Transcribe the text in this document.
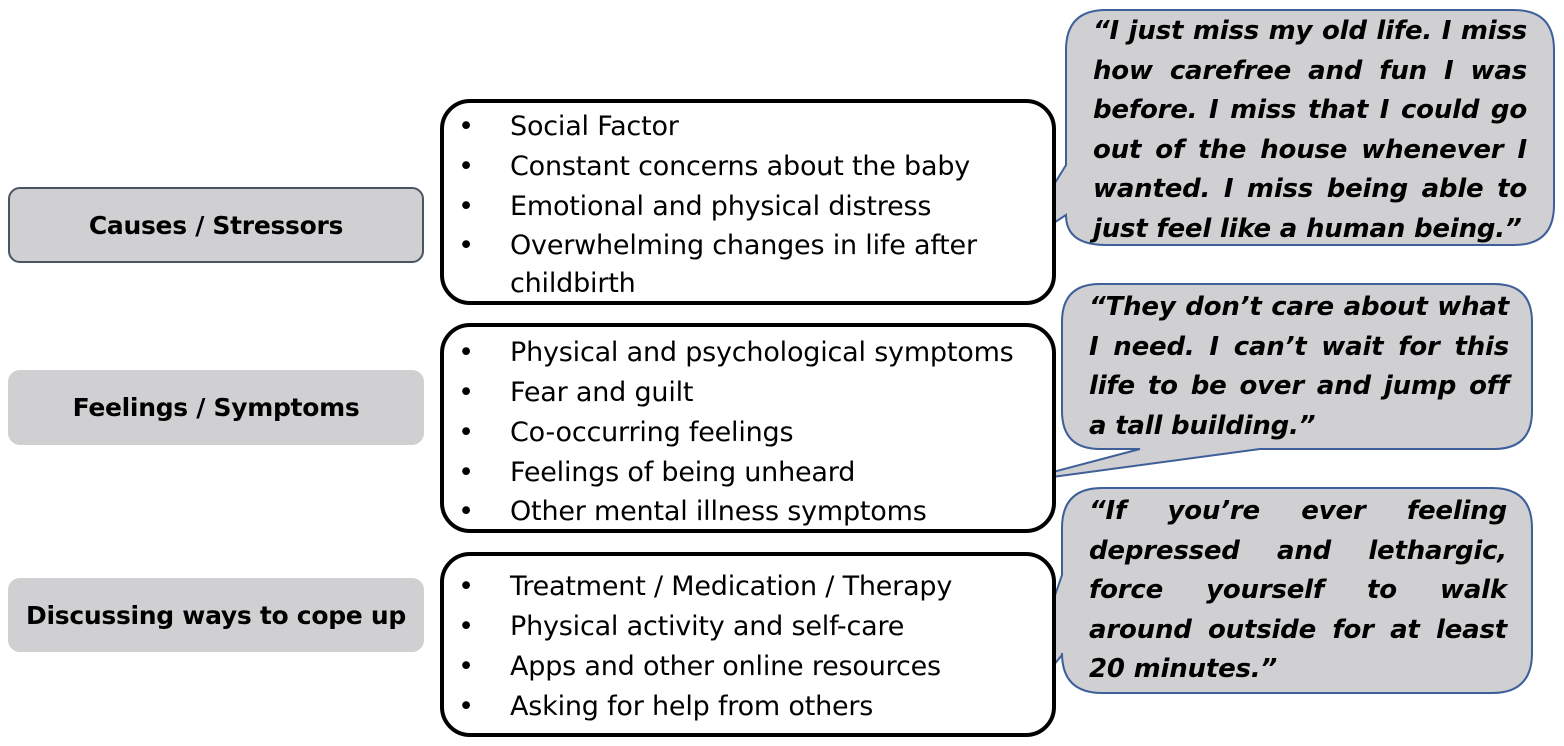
Causes / Stressors
Feelings / Symptoms
Discussing ways to cope up
• Social Factor
• Constant concerns about the baby
• Emotional and physical distress
• Overwhelming changes in life after childbirth
• Physical and psychological symptoms
• Fear and guilt
• Co-occurring feelings
• Feelings of being unheard
• Other mental illness symptoms
• Treatment / Medication / Therapy
• Physical activity and self-care
• Apps and other online resources
• Asking for help from others
“I just miss my old life. I miss how carefree and fun I was before. I miss that I could go out of the house whenever I wanted. I miss being able to just feel like a human being.”
“They don’t care about what I need. I can’t wait for this life to be over and jump off a tall building.”
“If you’re ever feeling depressed and lethargic, force yourself to walk around outside for at least 20 minutes.”
